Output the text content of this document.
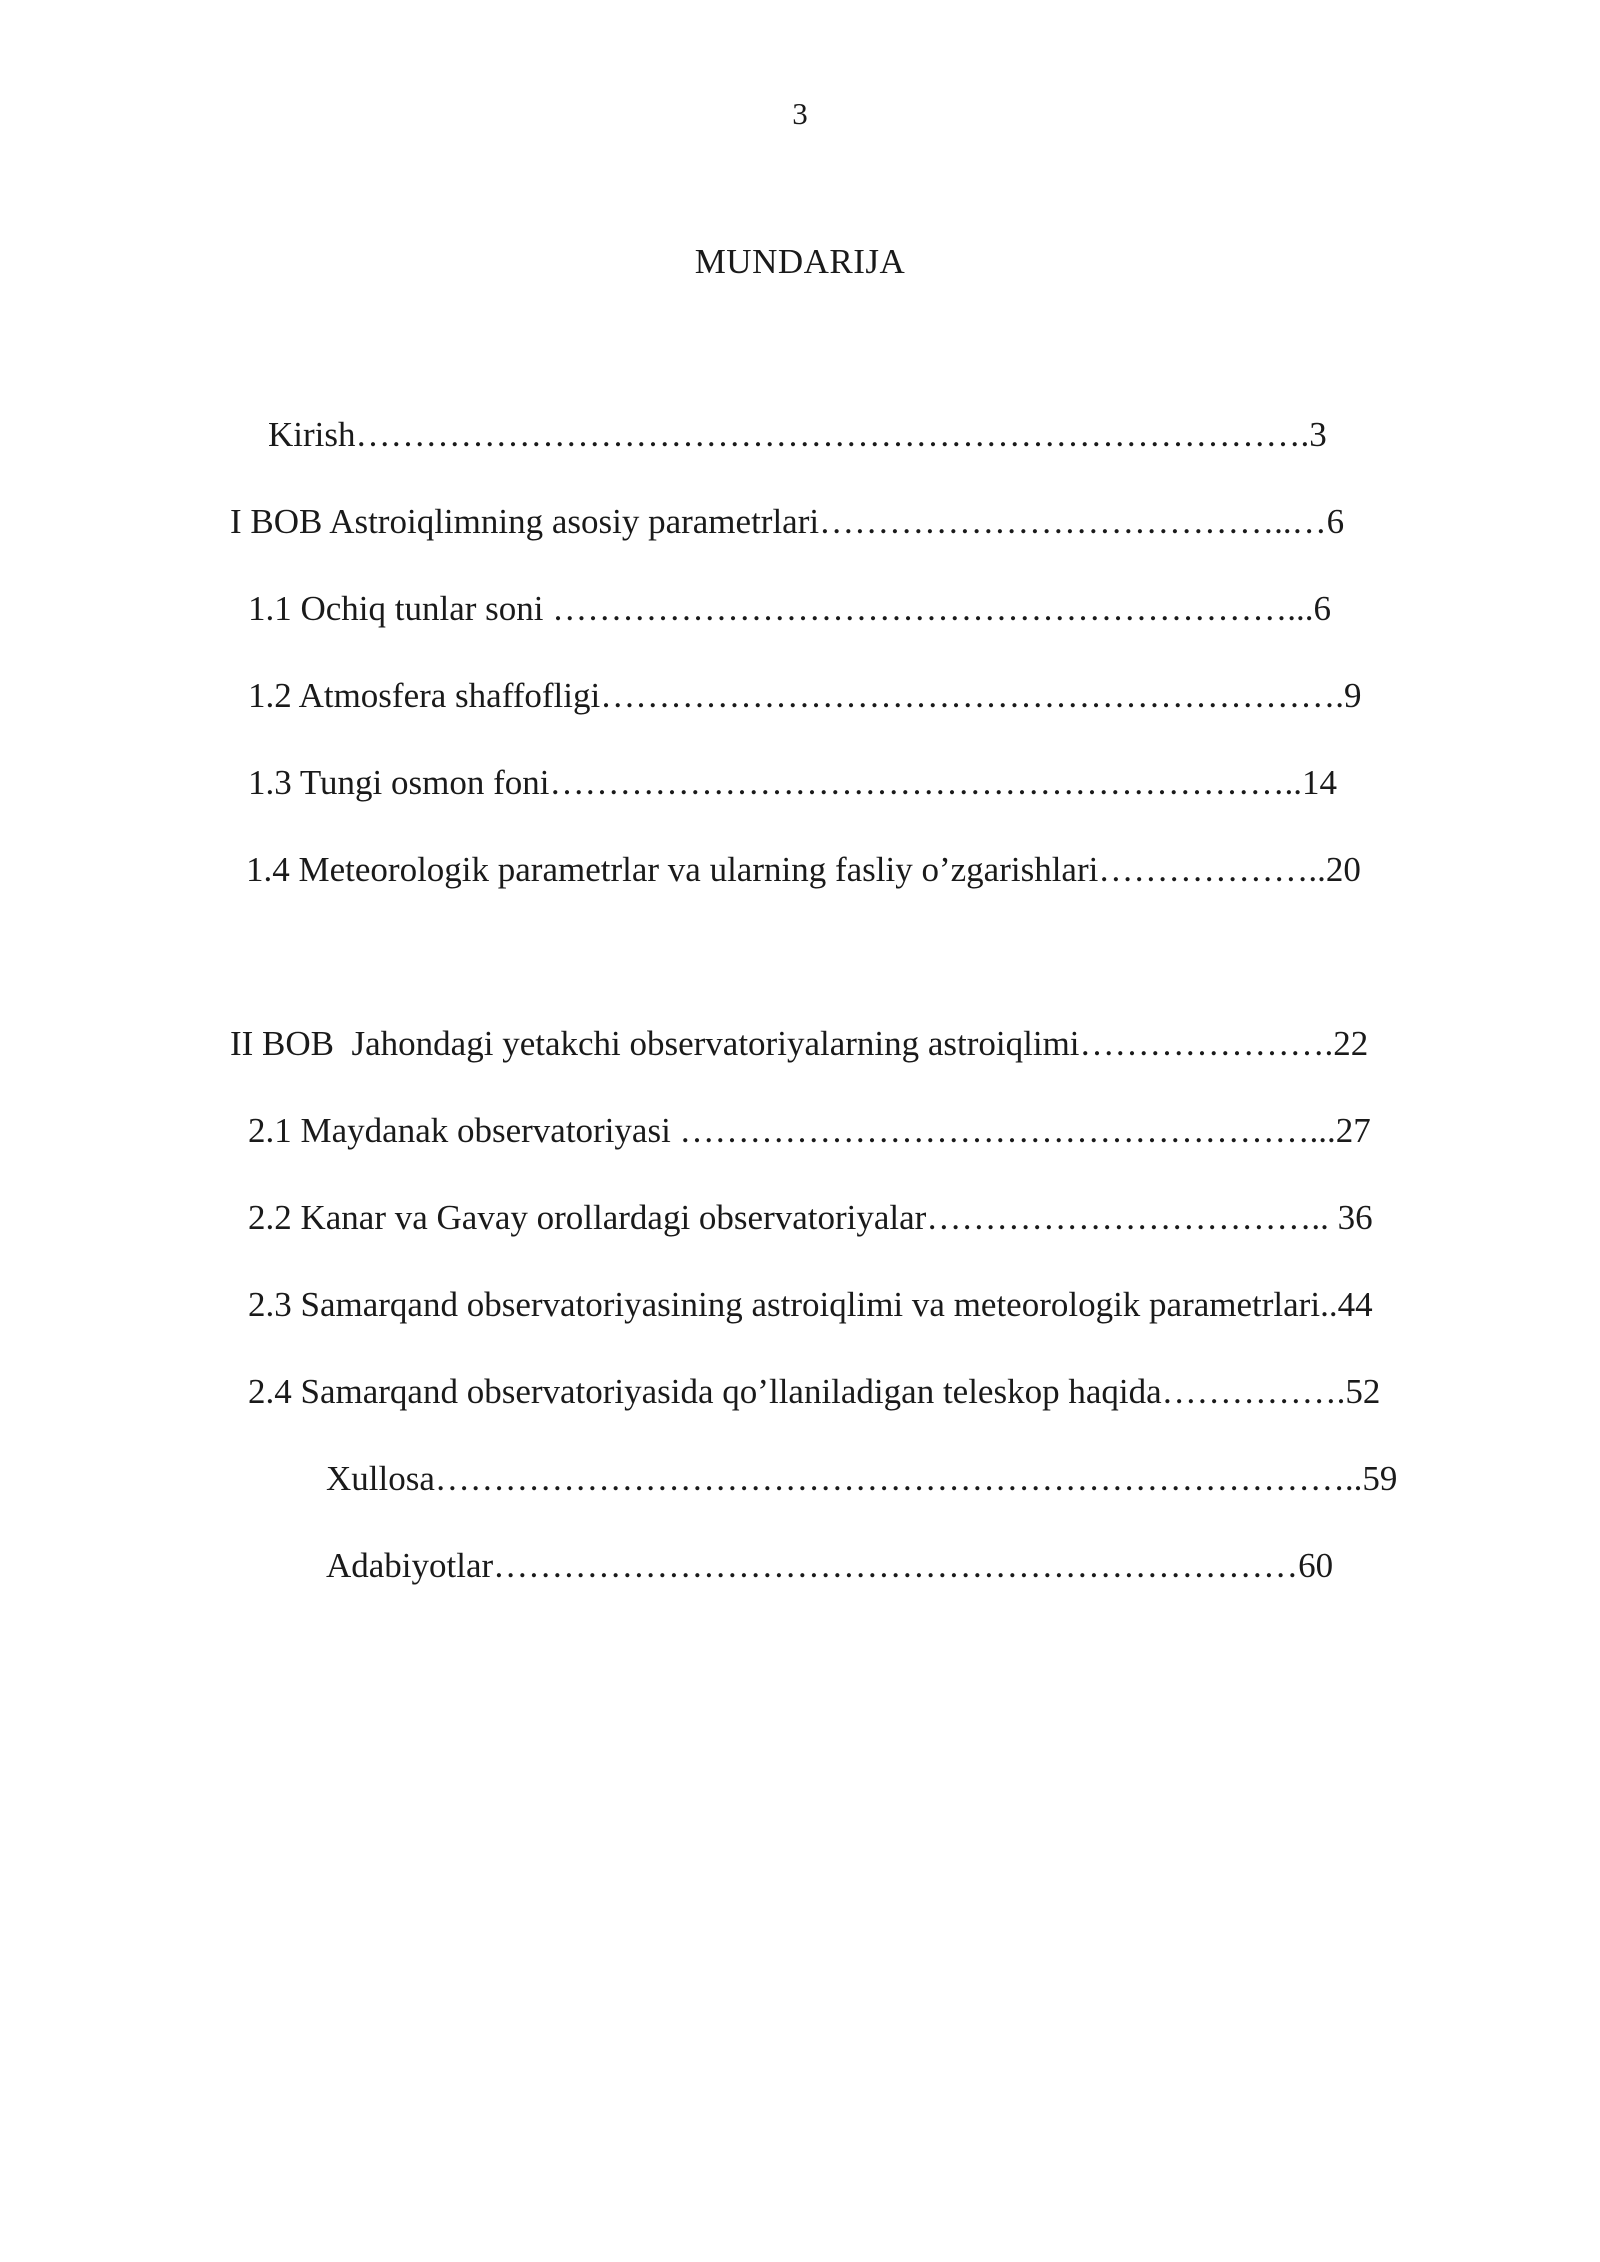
3
MUNDARIJA
Kirish……………………………………………………………………….3
I BOB Astroiqlimning asosiy parametrlari…………………………………..…6
1.1 Ochiq tunlar soni ………………………………………………………...6
1.2 Atmosfera shaffofligi……………………………………………………….9
1.3 Tungi osmon foni………………………………………………………..14
1.4 Meteorologik parametrlar va ularning fasliy o’zgarishlari………………..20
II BOB  Jahondagi yetakchi observatoriyalarning astroiqlimi………………….22
2.1 Maydanak observatoriyasi ………………………………………………...27
2.2 Kanar va Gavay orollardagi observatoriyalar…………………………….. 36
2.3 Samarqand observatoriyasining astroiqlimi va meteorologik parametrlari..44
2.4 Samarqand observatoriyasida qo’llaniladigan teleskop haqida…………….52
Xullosa……………………………………………………………………..59
Adabiyotlar……………………………………………………………60
